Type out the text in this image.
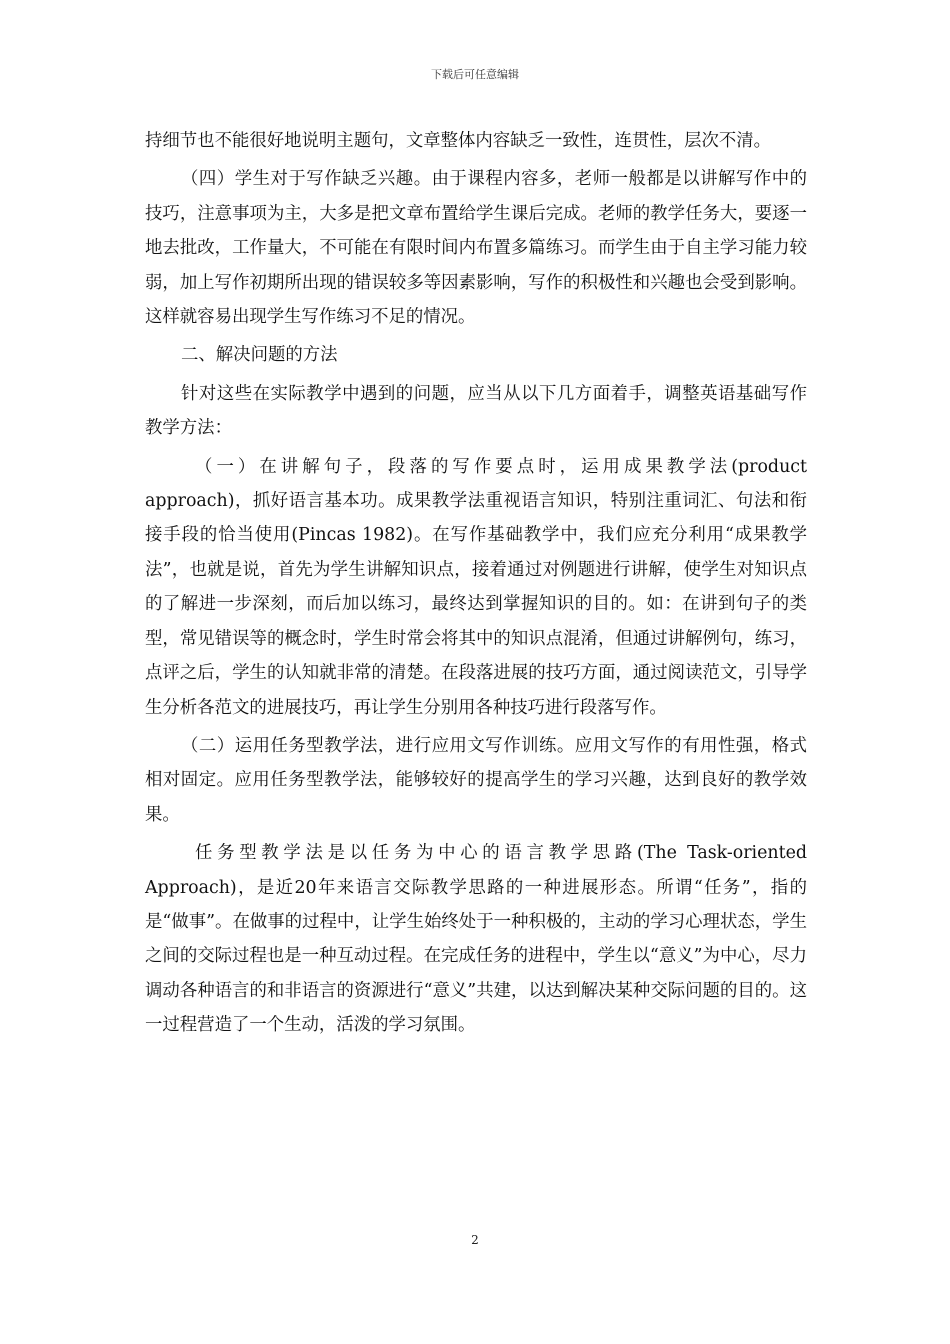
下载后可任意编辑

持细节也不能很好地说明主题句，文章整体内容缺乏一致性，连贯性，层次不清。

（四）学生对于写作缺乏兴趣。由于课程内容多，老师一般都是以讲解写作中的技巧，注意事项为主，大多是把文章布置给学生课后完成。老师的教学任务大，要逐一地去批改，工作量大，不可能在有限时间内布置多篇练习。而学生由于自主学习能力较弱，加上写作初期所出现的错误较多等因素影响，写作的积极性和兴趣也会受到影响。这样就容易出现学生写作练习不足的情况。

二、解决问题的方法

针对这些在实际教学中遇到的问题，应当从以下几方面着手，调整英语基础写作教学方法：

（一）在讲解句子，段落的写作要点时，运用成果教学法(product approach)，抓好语言基本功。成果教学法重视语言知识，特别注重词汇、句法和衔接手段的恰当使用(Pincas 1982)。在写作基础教学中，我们应充分利用“成果教学法”，也就是说，首先为学生讲解知识点，接着通过对例题进行讲解，使学生对知识点的了解进一步深刻，而后加以练习，最终达到掌握知识的目的。如：在讲到句子的类型，常见错误等的概念时，学生时常会将其中的知识点混淆，但通过讲解例句，练习，点评之后，学生的认知就非常的清楚。在段落进展的技巧方面，通过阅读范文，引导学生分析各范文的进展技巧，再让学生分别用各种技巧进行段落写作。

（二）运用任务型教学法，进行应用文写作训练。应用文写作的有用性强，格式相对固定。应用任务型教学法，能够较好的提高学生的学习兴趣，达到良好的教学效果。

任务型教学法是以任务为中心的语言教学思路(The Task-oriented Approach)，是近20年来语言交际教学思路的一种进展形态。所谓“任务”，指的是“做事”。在做事的过程中，让学生始终处于一种积极的，主动的学习心理状态，学生之间的交际过程也是一种互动过程。在完成任务的进程中，学生以“意义”为中心，尽力调动各种语言的和非语言的资源进行“意义”共建，以达到解决某种交际问题的目的。这一过程营造了一个生动，活泼的学习氛围。

2
